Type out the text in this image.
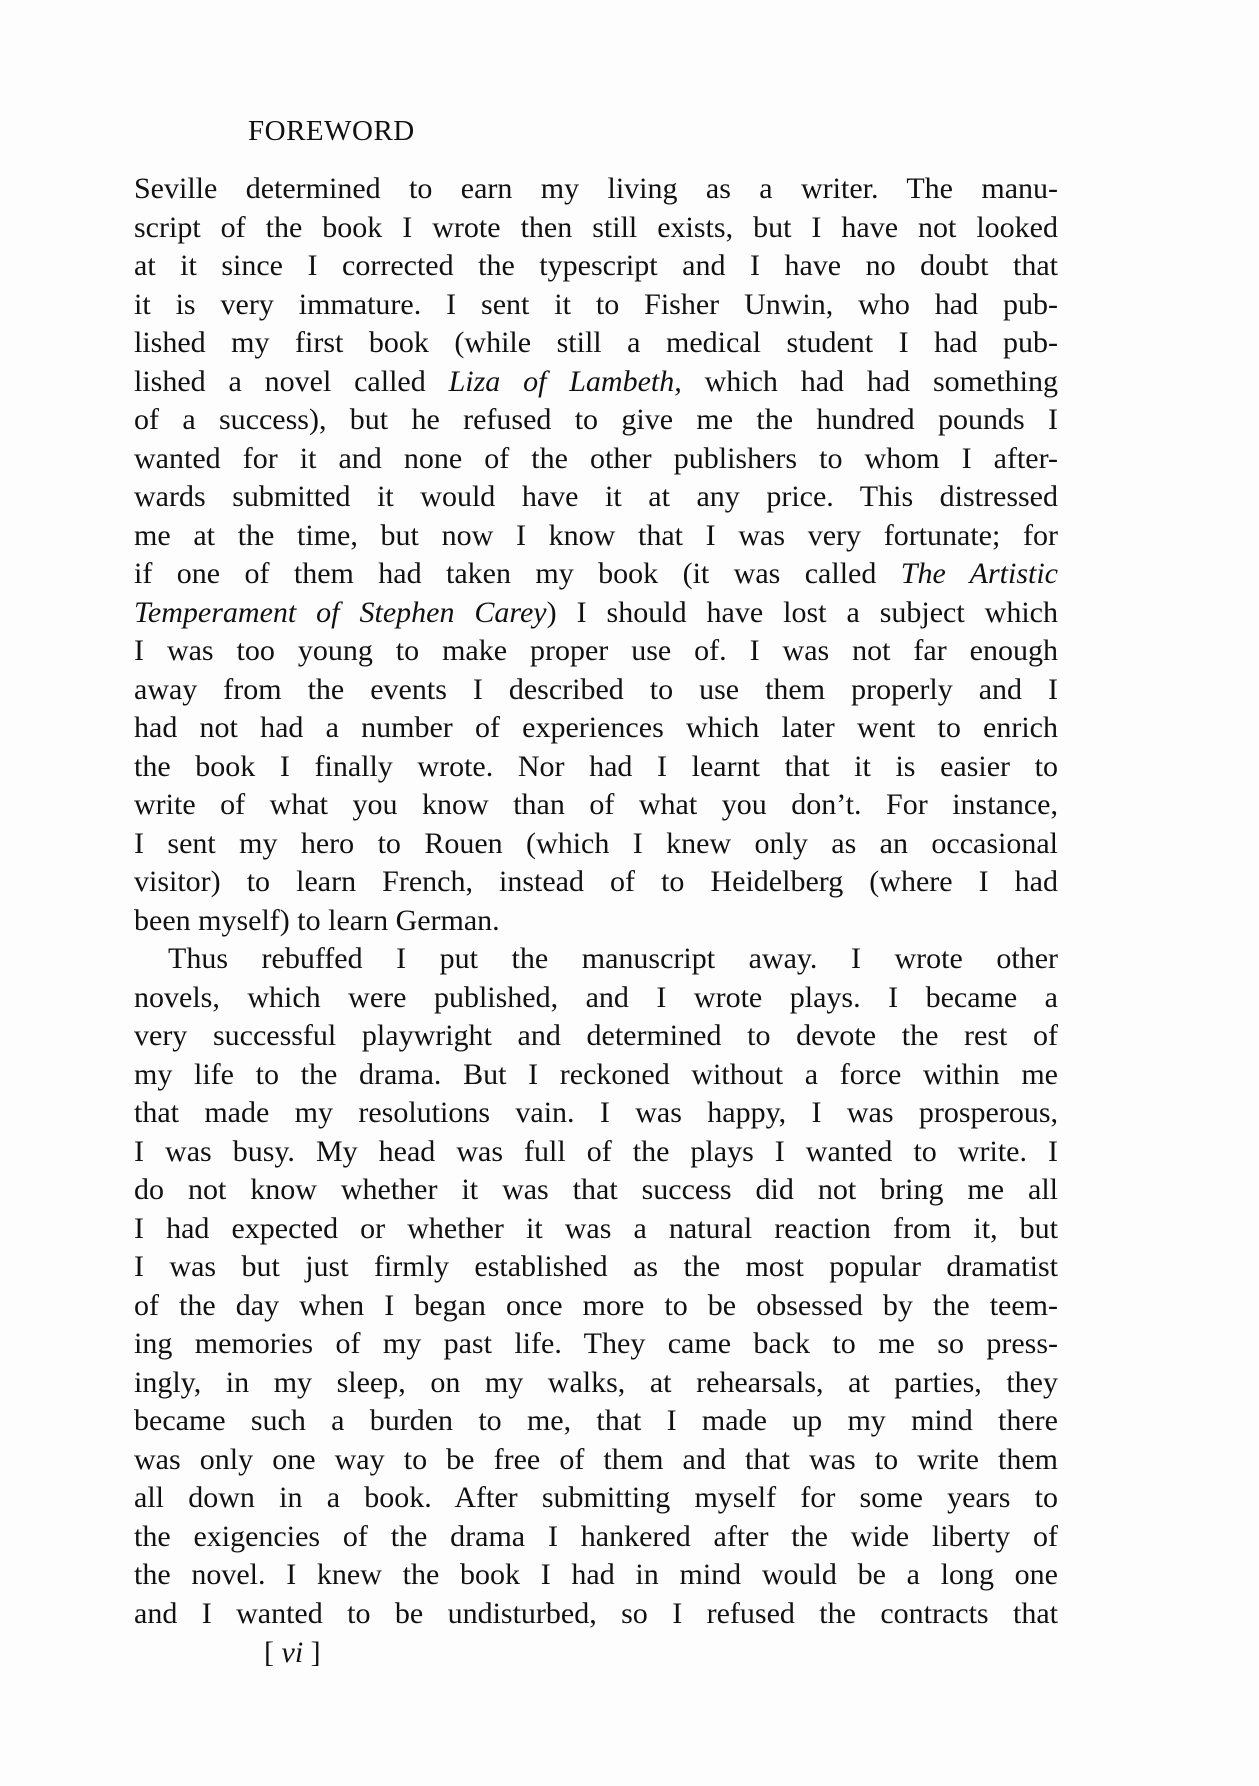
FOREWORD
Seville determined to earn my living as a writer. The manu-
script of the book I wrote then still exists, but I have not looked
at it since I corrected the typescript and I have no doubt that
it is very immature. I sent it to Fisher Unwin, who had pub-
lished my first book (while still a medical student I had pub-
lished a novel called Liza of Lambeth, which had had something
of a success), but he refused to give me the hundred pounds I
wanted for it and none of the other publishers to whom I after-
wards submitted it would have it at any price. This distressed
me at the time, but now I know that I was very fortunate; for
if one of them had taken my book (it was called The Artistic
Temperament of Stephen Carey) I should have lost a subject which
I was too young to make proper use of. I was not far enough
away from the events I described to use them properly and I
had not had a number of experiences which later went to enrich
the book I finally wrote. Nor had I learnt that it is easier to
write of what you know than of what you don’t. For instance,
I sent my hero to Rouen (which I knew only as an occasional
visitor) to learn French, instead of to Heidelberg (where I had
been myself) to learn German.
Thus rebuffed I put the manuscript away. I wrote other
novels, which were published, and I wrote plays. I became a
very successful playwright and determined to devote the rest of
my life to the drama. But I reckoned without a force within me
that made my resolutions vain. I was happy, I was prosperous,
I was busy. My head was full of the plays I wanted to write. I
do not know whether it was that success did not bring me all
I had expected or whether it was a natural reaction from it, but
I was but just firmly established as the most popular dramatist
of the day when I began once more to be obsessed by the teem-
ing memories of my past life. They came back to me so press-
ingly, in my sleep, on my walks, at rehearsals, at parties, they
became such a burden to me, that I made up my mind there
was only one way to be free of them and that was to write them
all down in a book. After submitting myself for some years to
the exigencies of the drama I hankered after the wide liberty of
the novel. I knew the book I had in mind would be a long one
and I wanted to be undisturbed, so I refused the contracts that
[ vi ]
